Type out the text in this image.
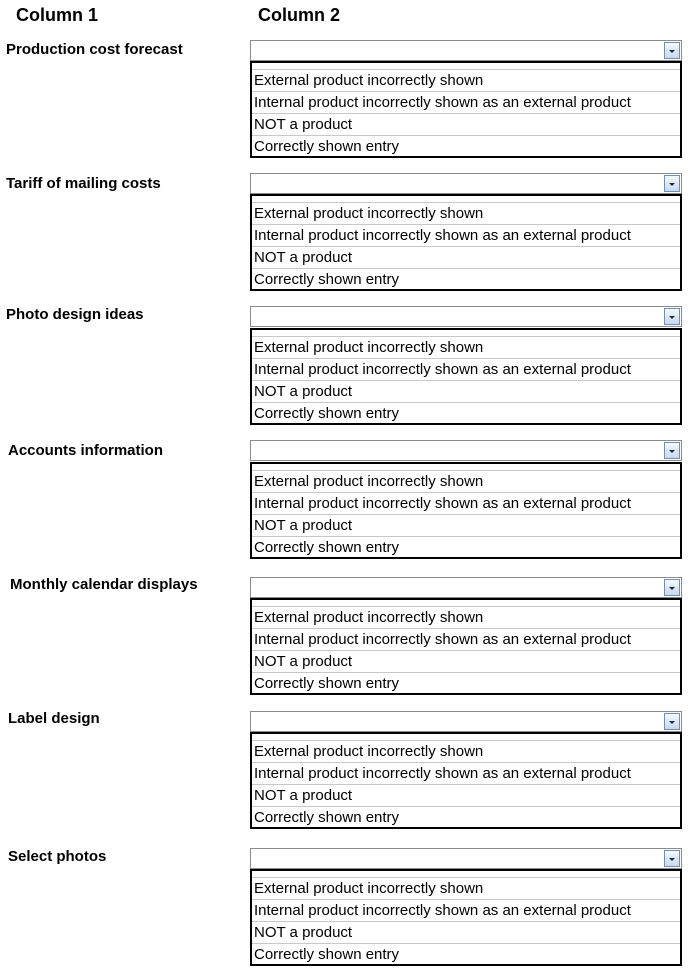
Column 1	Column 2
Production cost forecast
External product incorrectly shown
Internal product incorrectly shown as an external product
NOT a product
Correctly shown entry
Tariff of mailing costs
External product incorrectly shown
Internal product incorrectly shown as an external product
NOT a product
Correctly shown entry
Photo design ideas
External product incorrectly shown
Internal product incorrectly shown as an external product
NOT a product
Correctly shown entry
Accounts information
External product incorrectly shown
Internal product incorrectly shown as an external product
NOT a product
Correctly shown entry
Monthly calendar displays
External product incorrectly shown
Internal product incorrectly shown as an external product
NOT a product
Correctly shown entry
Label design
External product incorrectly shown
Internal product incorrectly shown as an external product
NOT a product
Correctly shown entry
Select photos
External product incorrectly shown
Internal product incorrectly shown as an external product
NOT a product
Correctly shown entry
